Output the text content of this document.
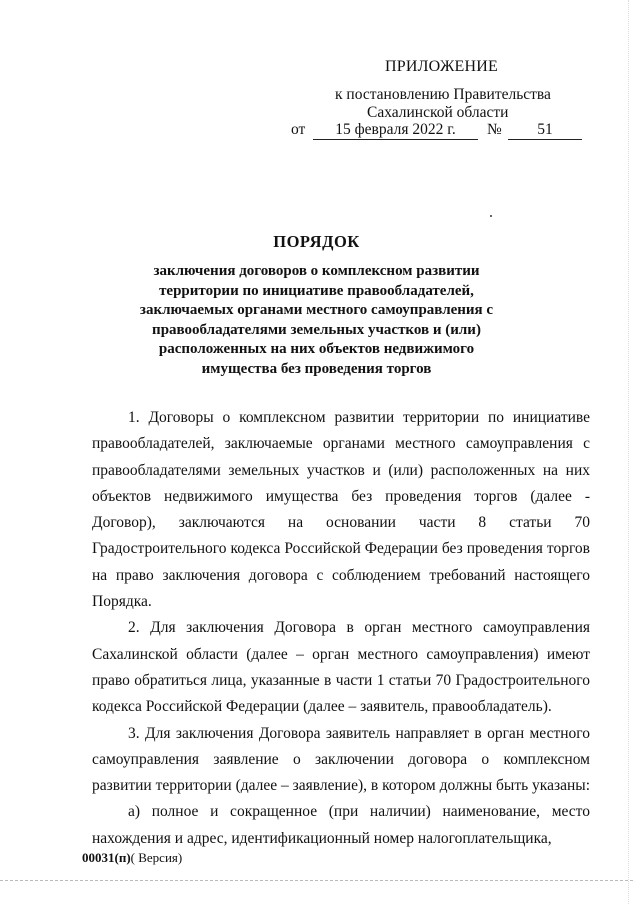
ПРИЛОЖЕНИЕ
к постановлению Правительства
Сахалинской области
от	15 февраля 2022 г.	№	51
ПОРЯДОК
заключения договоров о комплексном развитии территории по инициативе правообладателей, заключаемых органами местного самоуправления с правообладателями земельных участков и (или) расположенных на них объектов недвижимого имущества без проведения торгов

1. Договоры о комплексном развитии территории по инициативе правообладателей, заключаемые органами местного самоуправления с правообладателями земельных участков и (или) расположенных на них объектов недвижимого имущества без проведения торгов (далее - Договор), заключаются на основании части 8 статьи 70 Градостроительного кодекса Российской Федерации без проведения торгов на право заключения договора с соблюдением требований настоящего Порядка.

2. Для заключения Договора в орган местного самоуправления Сахалинской области (далее – орган местного самоуправления) имеют право обратиться лица, указанные в части 1 статьи 70 Градостроительного кодекса Российской Федерации (далее – заявитель, правообладатель).

3. Для заключения Договора заявитель направляет в орган местного самоуправления заявление о заключении договора о комплексном развитии территории (далее – заявление), в котором должны быть указаны:

а) полное и сокращенное (при наличии) наименование, место нахождения и адрес, идентификационный номер налогоплательщика,

00031(п)( Версия)
